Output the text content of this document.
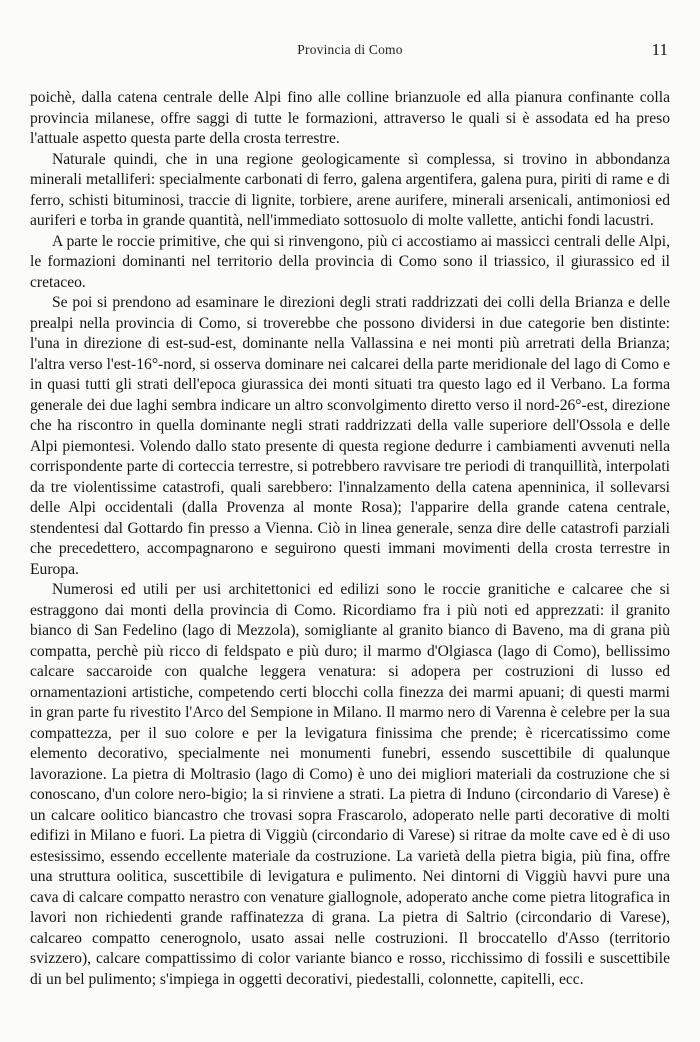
Provincia di Como	11

poichè, dalla catena centrale delle Alpi fino alle colline brianzuole ed alla pianura confinante colla provincia milanese, offre saggi di tutte le formazioni, attraverso le quali si è assodata ed ha preso l'attuale aspetto questa parte della crosta terrestre.

Naturale quindi, che in una regione geologicamente sì complessa, si trovino in abbondanza minerali metalliferi: specialmente carbonati di ferro, galena argentifera, galena pura, piriti di rame e di ferro, schisti bituminosi, traccie di lignite, torbiere, arene aurifere, minerali arsenicali, antimoniosi ed auriferi e torba in grande quantità, nell'immediato sottosuolo di molte vallette, antichi fondi lacustri.

A parte le roccie primitive, che qui si rinvengono, più ci accostiamo ai massicci centrali delle Alpi, le formazioni dominanti nel territorio della provincia di Como sono il triassico, il giurassico ed il cretaceo.

Se poi si prendono ad esaminare le direzioni degli strati raddrizzati dei colli della Brianza e delle prealpi nella provincia di Como, si troverebbe che possono dividersi in due categorie ben distinte: l'una in direzione di est-sud-est, dominante nella Vallassina e nei monti più arretrati della Brianza; l'altra verso l'est-16°-nord, si osserva dominare nei calcarei della parte meridionale del lago di Como e in quasi tutti gli strati dell'epoca giurassica dei monti situati tra questo lago ed il Verbano. La forma generale dei due laghi sembra indicare un altro sconvolgimento diretto verso il nord-26°-est, direzione che ha riscontro in quella dominante negli strati raddrizzati della valle superiore dell'Ossola e delle Alpi piemontesi. Volendo dallo stato presente di questa regione dedurre i cambiamenti avvenuti nella corrispondente parte di corteccia terrestre, si potrebbero ravvisare tre periodi di tranquillità, interpolati da tre violentissime catastrofi, quali sarebbero: l'innalzamento della catena apenninica, il sollevarsi delle Alpi occidentali (dalla Provenza al monte Rosa); l'apparire della grande catena centrale, stendentesi dal Gottardo fin presso a Vienna. Ciò in linea generale, senza dire delle catastrofi parziali che precedettero, accompagnarono e seguirono questi immani movimenti della crosta terrestre in Europa.

Numerosi ed utili per usi architettonici ed edilizi sono le roccie granitiche e calcaree che si estraggono dai monti della provincia di Como. Ricordiamo fra i più noti ed apprezzati: il granito bianco di San Fedelino (lago di Mezzola), somigliante al granito bianco di Baveno, ma di grana più compatta, perchè più ricco di feldspato e più duro; il marmo d'Olgiasca (lago di Como), bellissimo calcare saccaroide con qualche leggera venatura: si adopera per costruzioni di lusso ed ornamentazioni artistiche, competendo certi blocchi colla finezza dei marmi apuani; di questi marmi in gran parte fu rivestito l'Arco del Sempione in Milano. Il marmo nero di Varenna è celebre per la sua compattezza, per il suo colore e per la levigatura finissima che prende; è ricercatissimo come elemento decorativo, specialmente nei monumenti funebri, essendo suscettibile di qualunque lavorazione. La pietra di Moltrasio (lago di Como) è uno dei migliori materiali da costruzione che si conoscano, d'un colore nero-bigio; la si rinviene a strati. La pietra di Induno (circondario di Varese) è un calcare oolitico biancastro che trovasi sopra Frascarolo, adoperato nelle parti decorative di molti edifizi in Milano e fuori. La pietra di Viggiù (circondario di Varese) si ritrae da molte cave ed è di uso estesissimo, essendo eccellente materiale da costruzione. La varietà della pietra bigia, più fina, offre una struttura oolitica, suscettibile di levigatura e pulimento. Nei dintorni di Viggiù havvi pure una cava di calcare compatto nerastro con venature giallognole, adoperato anche come pietra litografica in lavori non richiedenti grande raffinatezza di grana. La pietra di Saltrio (circondario di Varese), calcareo compatto cenerognolo, usato assai nelle costruzioni. Il broccatello d'Asso (territorio svizzero), calcare compattissimo di color variante bianco e rosso, ricchissimo di fossili e suscettibile di un bel pulimento; s'impiega in oggetti decorativi, piedestalli, colonnette, capitelli, ecc.
